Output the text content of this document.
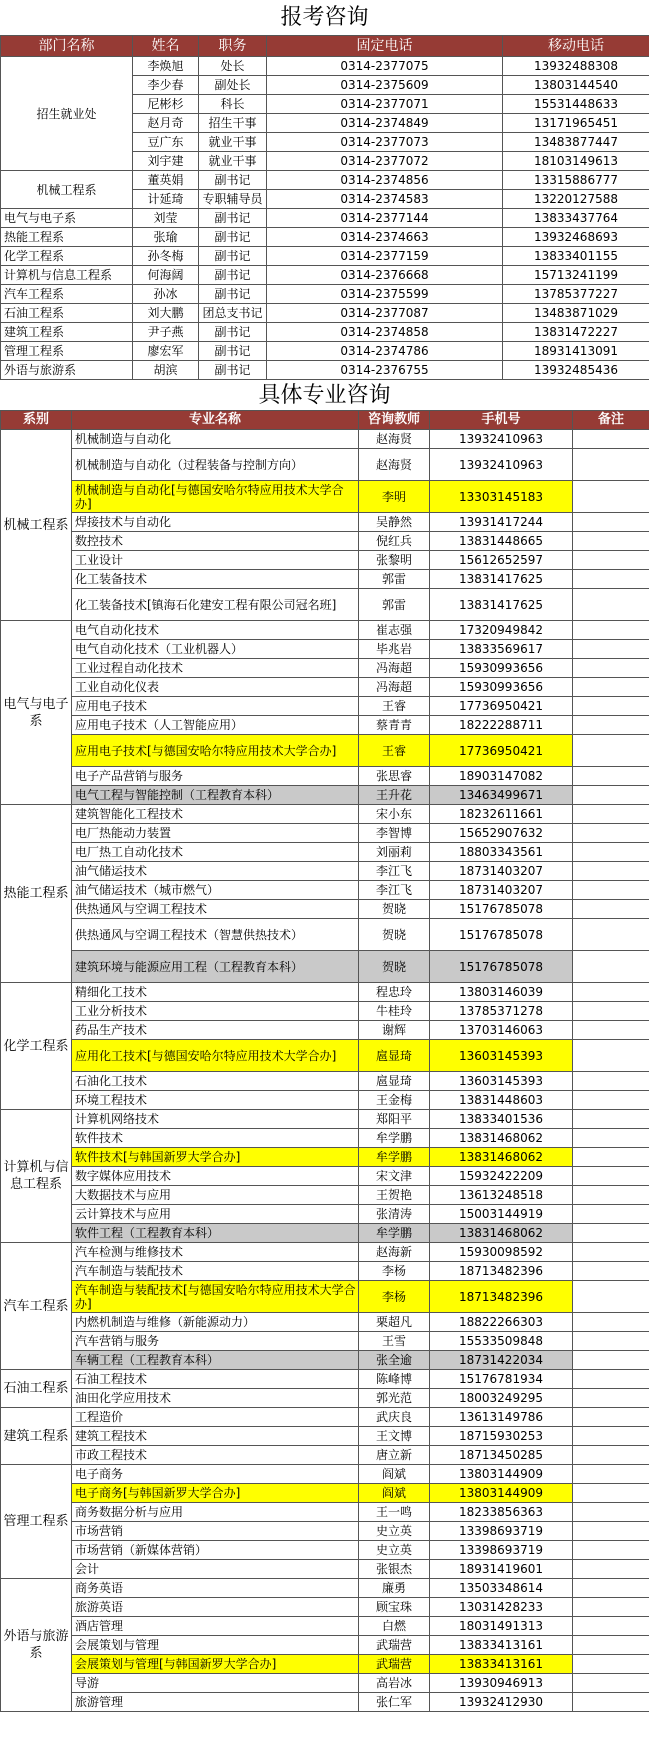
报考咨询
部门名称	姓名	职务	固定电话	移动电话
招生就业处	李焕旭	处长	0314-2377075	13932488308
	李少春	副处长	0314-2375609	13803144540
	尼彬杉	科长	0314-2377071	15531448633
	赵月奇	招生干事	0314-2374849	13171965451
	豆广东	就业干事	0314-2377073	13483877447
	刘宇建	就业干事	0314-2377072	18103149613
机械工程系	董英娟	副书记	0314-2374856	13315886777
	计延琦	专职辅导员	0314-2374583	13220127588
电气与电子系	刘莹	副书记	0314-2377144	13833437764
热能工程系	张瑜	副书记	0314-2374663	13932468693
化学工程系	孙冬梅	副书记	0314-2377159	13833401155
计算机与信息工程系	何海阔	副书记	0314-2376668	15713241199
汽车工程系	孙冰	副书记	0314-2375599	13785377227
石油工程系	刘大鹏	团总支书记	0314-2377087	13483871029
建筑工程系	尹子燕	副书记	0314-2374858	13831472227
管理工程系	廖宏军	副书记	0314-2374786	18931413091
外语与旅游系	胡滨	副书记	0314-2376755	13932485436
具体专业咨询
系别	专业名称	咨询教师	手机号	备注
机械工程系	机械制造与自动化	赵海贤	13932410963	
	机械制造与自动化（过程装备与控制方向）	赵海贤	13932410963	
	机械制造与自动化[与德国安哈尔特应用技术大学合办]	李明	13303145183	
	焊接技术与自动化	吴静然	13931417244	
	数控技术	倪红兵	13831448665	
	工业设计	张黎明	15612652597	
	化工装备技术	郭雷	13831417625	
	化工装备技术[镇海石化建安工程有限公司冠名班]	郭雷	13831417625	
电气与电子系	电气自动化技术	崔志强	17320949842	
	电气自动化技术（工业机器人）	毕兆岩	13833569617	
	工业过程自动化技术	冯海超	15930993656	
	工业自动化仪表	冯海超	15930993656	
	应用电子技术	王睿	17736950421	
	应用电子技术（人工智能应用）	蔡青青	18222288711	
	应用电子技术[与德国安哈尔特应用技术大学合办]	王睿	17736950421	
	电子产品营销与服务	张思睿	18903147082	
	电气工程与智能控制（工程教育本科）	王升花	13463499671	
热能工程系	建筑智能化工程技术	宋小东	18232611661	
	电厂热能动力装置	李智博	15652907632	
	电厂热工自动化技术	刘丽莉	18803343561	
	油气储运技术	李江飞	18731403207	
	油气储运技术（城市燃气）	李江飞	18731403207	
	供热通风与空调工程技术	贺晓	15176785078	
	供热通风与空调工程技术（智慧供热技术）	贺晓	15176785078	
	建筑环境与能源应用工程（工程教育本科）	贺晓	15176785078	
化学工程系	精细化工技术	程忠玲	13803146039	
	工业分析技术	牛桂玲	13785371278	
	药品生产技术	谢辉	13703146063	
	应用化工技术[与德国安哈尔特应用技术大学合办]	扈显琦	13603145393	
	石油化工技术	扈显琦	13603145393	
	环境工程技术	王金梅	13831448603	
计算机与信息工程系	计算机网络技术	郑阳平	13833401536	
	软件技术	牟学鹏	13831468062	
	软件技术[与韩国新罗大学合办]	牟学鹏	13831468062	
	数字媒体应用技术	宋文津	15932422209	
	大数据技术与应用	王贺艳	13613248518	
	云计算技术与应用	张清涛	15003144919	
	软件工程（工程教育本科）	牟学鹏	13831468062	
汽车工程系	汽车检测与维修技术	赵海新	15930098592	
	汽车制造与装配技术	李杨	18713482396	
	汽车制造与装配技术[与德国安哈尔特应用技术大学合办]	李杨	18713482396	
	内燃机制造与维修（新能源动力）	栗超凡	18822266303	
	汽车营销与服务	王雪	15533509848	
	车辆工程（工程教育本科）	张全逾	18731422034	
石油工程系	石油工程技术	陈峰博	15176781934	
	油田化学应用技术	郭光范	18003249295	
建筑工程系	工程造价	武庆良	13613149786	
	建筑工程技术	王文博	18715930253	
	市政工程技术	唐立新	18713450285	
管理工程系	电子商务	阎斌	13803144909	
	电子商务[与韩国新罗大学合办]	阎斌	13803144909	
	商务数据分析与应用	王一鸣	18233856363	
	市场营销	史立英	13398693719	
	市场营销（新媒体营销）	史立英	13398693719	
	会计	张银杰	18931419601	
外语与旅游系	商务英语	廉勇	13503348614	
	旅游英语	顾宝珠	13031428233	
	酒店管理	白燃	18031491313	
	会展策划与管理	武瑞营	13833413161	
	会展策划与管理[与韩国新罗大学合办]	武瑞营	13833413161	
	导游	高岩冰	13930946913	
	旅游管理	张仁军	13932412930	
